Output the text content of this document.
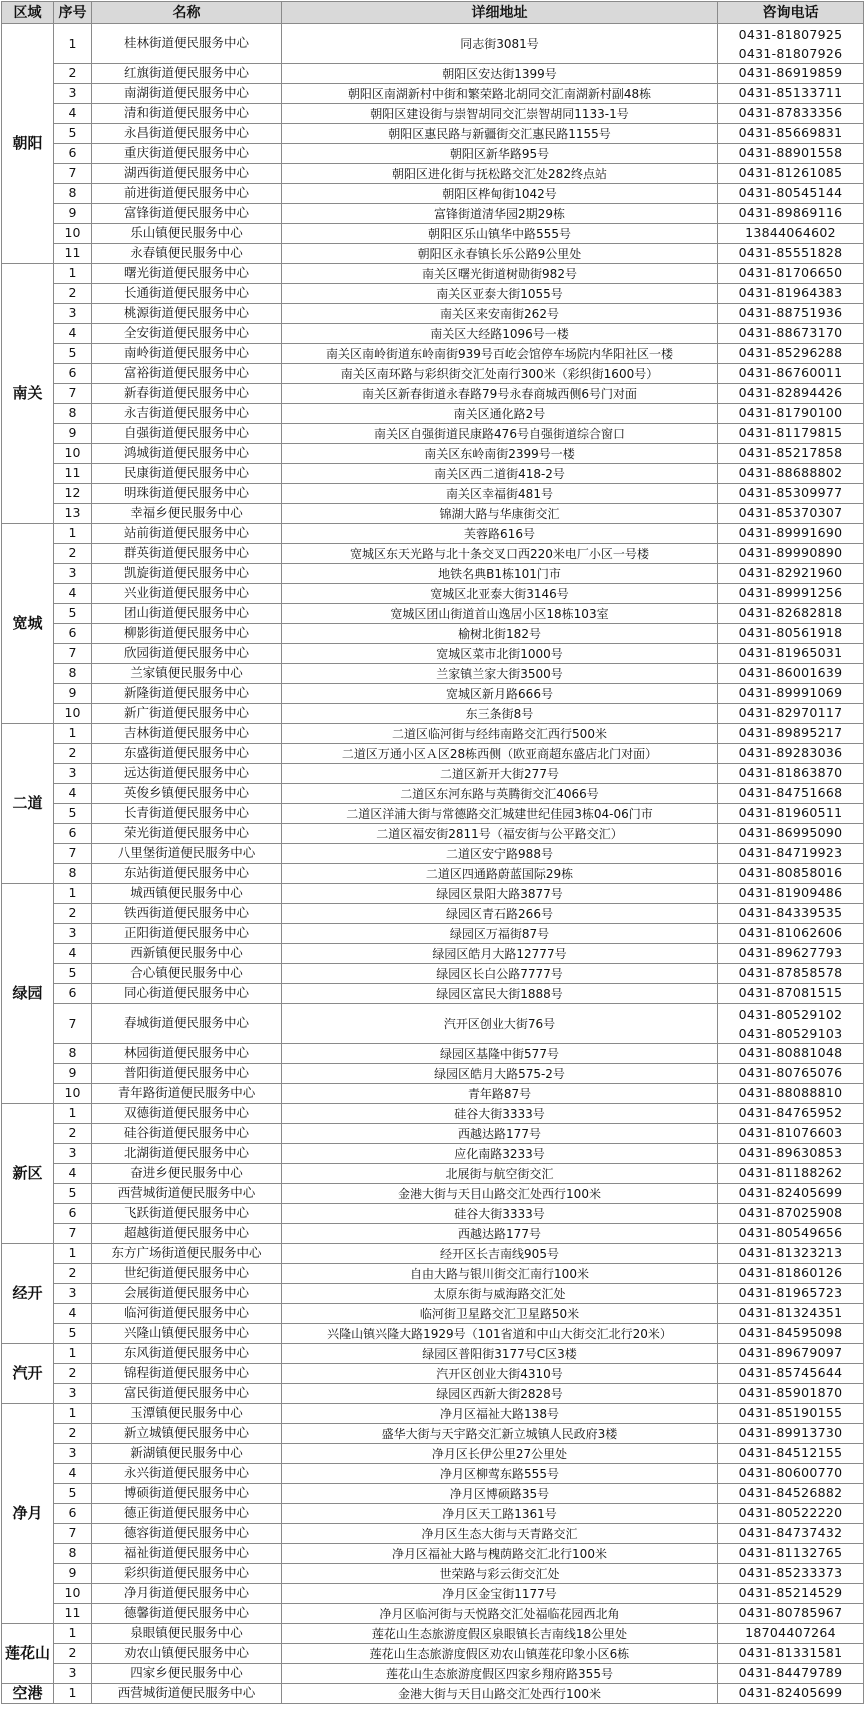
区域	序号	名称	详细地址	咨询电话
朝阳	1	桂林街道便民服务中心	同志街3081号	0431-81807925
0431-81807926

	2	红旗街道便民服务中心	朝阳区安达街1399号	0431-86919859

	3	南湖街道便民服务中心	朝阳区南湖新村中街和繁荣路北胡同交汇南湖新村副48栋	0431-85133711

	4	清和街道便民服务中心	朝阳区建设街与崇智胡同交汇崇智胡同1133-1号	0431-87833356

	5	永昌街道便民服务中心	朝阳区惠民路与新疆街交汇惠民路1155号	0431-85669831

	6	重庆街道便民服务中心	朝阳区新华路95号	0431-88901558

	7	湖西街道便民服务中心	朝阳区进化街与抚松路交汇处282终点站	0431-81261085

	8	前进街道便民服务中心	朝阳区桦甸街1042号	0431-80545144

	9	富锋街道便民服务中心	富锋街道清华园2期29栋	0431-89869116

	10	乐山镇便民服务中心	朝阳区乐山镇华中路555号	13844064602

	11	永春镇便民服务中心	朝阳区永春镇长乐公路9公里处	0431-85551828

南关	1	曙光街道便民服务中心	南关区曙光街道树勋街982号	0431-81706650

	2	长通街道便民服务中心	南关区亚泰大街1055号	0431-81964383

	3	桃源街道便民服务中心	南关区来安南街262号	0431-88751936

	4	全安街道便民服务中心	南关区大经路1096号一楼	0431-88673170

	5	南岭街道便民服务中心	南关区南岭街道东岭南街939号百屹会馆停车场院内华阳社区一楼	0431-85296288

	6	富裕街道便民服务中心	南关区南环路与彩织街交汇处南行300米（彩织街1600号）	0431-86760011

	7	新春街道便民服务中心	南关区新春街道永春路79号永春商城西侧6号门对面	0431-82894426

	8	永吉街道便民服务中心	南关区通化路2号	0431-81790100

	9	自强街道便民服务中心	南关区自强街道民康路476号自强街道综合窗口	0431-81179815

	10	鸿城街道便民服务中心	南关区东岭南街2399号一楼	0431-85217858

	11	民康街道便民服务中心	南关区西二道街418-2号	0431-88688802

	12	明珠街道便民服务中心	南关区幸福街481号	0431-85309977

	13	幸福乡便民服务中心	锦湖大路与华康街交汇	0431-85370307

宽城	1	站前街道便民服务中心	芙蓉路616号	0431-89991690

	2	群英街道便民服务中心	宽城区东天光路与北十条交叉口西220米电厂小区一号楼	0431-89990890

	3	凯旋街道便民服务中心	地铁名典B1栋101门市	0431-82921960

	4	兴业街道便民服务中心	宽城区北亚泰大街3146号	0431-89991256

	5	团山街道便民服务中心	宽城区团山街道首山逸居小区18栋103室	0431-82682818

	6	柳影街道便民服务中心	榆树北街182号	0431-80561918

	7	欣园街道便民服务中心	宽城区菜市北街1000号	0431-81965031

	8	兰家镇便民服务中心	兰家镇兰家大街3500号	0431-86001639

	9	新隆街道便民服务中心	宽城区新月路666号	0431-89991069

	10	新广街道便民服务中心	东三条街8号	0431-82970117

二道	1	吉林街道便民服务中心	二道区临河街与经纬南路交汇西行500米	0431-89895217

	2	东盛街道便民服务中心	二道区万通小区Ａ区28栋西侧（欧亚商超东盛店北门对面）	0431-89283036

	3	远达街道便民服务中心	二道区新开大街277号	0431-81863870

	4	英俊乡镇便民服务中心	二道区东河东路与英腾街交汇4066号	0431-84751668

	5	长青街道便民服务中心	二道区洋浦大街与常德路交汇城建世纪佳园3栋04-06门市	0431-81960511

	6	荣光街道便民服务中心	二道区福安街2811号（福安街与公平路交汇）	0431-86995090

	7	八里堡街道便民服务中心	二道区安宁路988号	0431-84719923

	8	东站街道便民服务中心	二道区四通路蔚蓝国际29栋	0431-80858016

绿园	1	城西镇便民服务中心	绿园区景阳大路3877号	0431-81909486

	2	铁西街道便民服务中心	绿园区青石路266号	0431-84339535

	3	正阳街道便民服务中心	绿园区万福街87号	0431-81062606

	4	西新镇便民服务中心	绿园区皓月大路12777号	0431-89627793

	5	合心镇便民服务中心	绿园区长白公路7777号	0431-87858578

	6	同心街道便民服务中心	绿园区富民大街1888号	0431-87081515

	7	春城街道便民服务中心	汽开区创业大街76号	0431-80529102
0431-80529103

	8	林园街道便民服务中心	绿园区基隆中街577号	0431-80881048

	9	普阳街道便民服务中心	绿园区皓月大路575-2号	0431-80765076

	10	青年路街道便民服务中心	青年路87号	0431-88088810

新区	1	双德街道便民服务中心	硅谷大街3333号	0431-84765952

	2	硅谷街道便民服务中心	西越达路177号	0431-81076603

	3	北湖街道便民服务中心	应化南路3233号	0431-89630853

	4	奋进乡便民服务中心	北展街与航空街交汇	0431-81188262

	5	西营城街道便民服务中心	金港大街与天目山路交汇处西行100米	0431-82405699

	6	飞跃街道便民服务中心	硅谷大街3333号	0431-87025908

	7	超越街道便民服务中心	西越达路177号	0431-80549656

经开	1	东方广场街道便民服务中心	经开区长吉南线905号	0431-81323213

	2	世纪街道便民服务中心	自由大路与银川街交汇南行100米	0431-81860126

	3	会展街道便民服务中心	太原东街与威海路交汇处	0431-81965723

	4	临河街道便民服务中心	临河街卫星路交汇卫星路50米	0431-81324351

	5	兴隆山镇便民服务中心	兴隆山镇兴隆大路1929号（101省道和中山大街交汇北行20米）	0431-84595098

汽开	1	东风街道便民服务中心	绿园区普阳街3177号C区3楼	0431-89679097

	2	锦程街道便民服务中心	汽开区创业大街4310号	0431-85745644

	3	富民街道便民服务中心	绿园区西新大街2828号	0431-85901870

净月	1	玉潭镇便民服务中心	净月区福祉大路138号	0431-85190155

	2	新立城镇便民服务中心	盛华大街与天宇路交汇新立城镇人民政府3楼	0431-89913730

	3	新湖镇便民服务中心	净月区长伊公里27公里处	0431-84512155

	4	永兴街道便民服务中心	净月区柳莺东路555号	0431-80600770

	5	博硕街道便民服务中心	净月区博硕路35号	0431-84526882

	6	德正街道便民服务中心	净月区天工路1361号	0431-80522220

	7	德容街道便民服务中心	净月区生态大街与天青路交汇	0431-84737432

	8	福祉街道便民服务中心	净月区福祉大路与槐荫路交汇北行100米	0431-81132765

	9	彩织街道便民服务中心	世荣路与彩云街交汇处	0431-85233373

	10	净月街道便民服务中心	净月区金宝街1177号	0431-85214529

	11	德馨街道便民服务中心	净月区临河街与天悦路交汇处福临花园西北角	0431-80785967

莲花山	1	泉眼镇便民服务中心	莲花山生态旅游度假区泉眼镇长吉南线18公里处	18704407264

	2	劝农山镇便民服务中心	莲花山生态旅游度假区劝农山镇莲花印象小区6栋	0431-81331581

	3	四家乡便民服务中心	莲花山生态旅游度假区四家乡翔府路355号	0431-84479789

空港	1	西营城街道便民服务中心	金港大街与天目山路交汇处西行100米	0431-82405699
